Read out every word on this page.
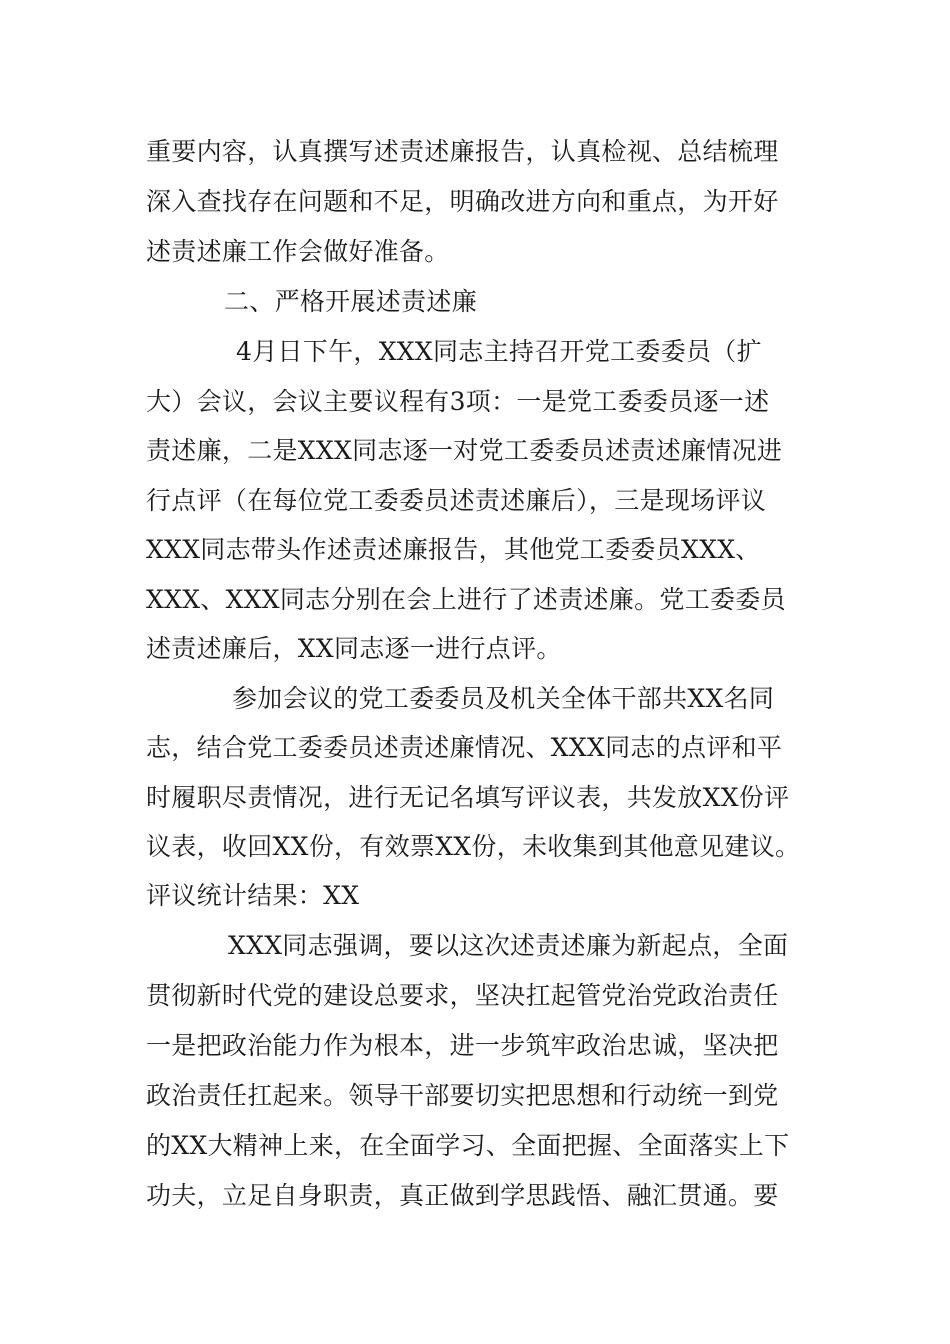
重要内容，认真撰写述责述廉报告，认真检视、总结梳理
深入查找存在问题和不足，明确改进方向和重点，为开好
述责述廉工作会做好准备。
二、严格开展述责述廉
4月日下午，XXX同志主持召开党工委委员（扩
大）会议，会议主要议程有3项：一是党工委委员逐一述
责述廉，二是XXX同志逐一对党工委委员述责述廉情况进
行点评（在每位党工委委员述责述廉后），三是现场评议
XXX同志带头作述责述廉报告，其他党工委委员XXX、
XXX、XXX同志分别在会上进行了述责述廉。党工委委员
述责述廉后，XX同志逐一进行点评。
参加会议的党工委委员及机关全体干部共XX名同
志，结合党工委委员述责述廉情况、XXX同志的点评和平
时履职尽责情况，进行无记名填写评议表，共发放XX份评
议表，收回XX份，有效票XX份，未收集到其他意见建议。
评议统计结果：XX
XXX同志强调，要以这次述责述廉为新起点，全面
贯彻新时代党的建设总要求，坚决扛起管党治党政治责任
一是把政治能力作为根本，进一步筑牢政治忠诚，坚决把
政治责任扛起来。领导干部要切实把思想和行动统一到党
的XX大精神上来，在全面学习、全面把握、全面落实上下
功夫，立足自身职责，真正做到学思践悟、融汇贯通。要
